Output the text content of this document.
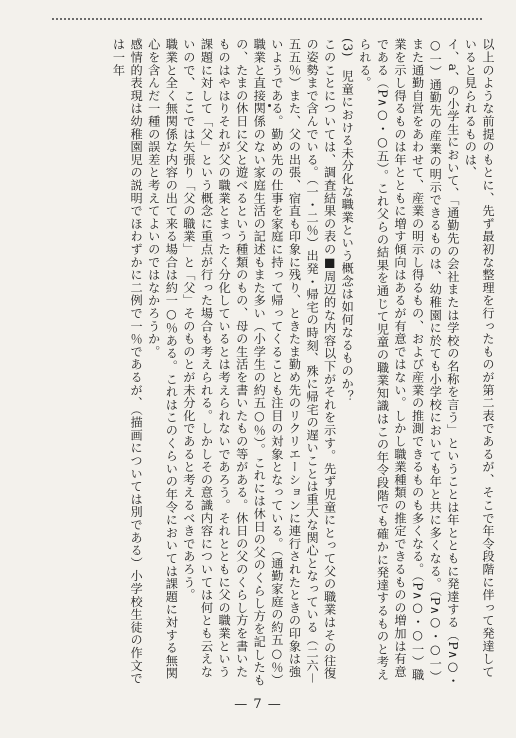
以上のような前提のもとに、先ず最初な整理を行ったものが第二表であるが、そこで年令段階に伴って発達していると見られるものは、

イ、a、の小学生において、「通勤先の会社または学校の名称を言う」ということは年とともに発達する（P∧○・○一）通勤先の産業の明示できるものは、幼稚園に於ても小学校においても年と共に多くなる。（P∧○・○一）また通勤自営をあわせて、産業の明示し得るもの、および産業の推測できるものも多くなる。（P∧○・○一）職業を示し得るものは年とともに増す傾向はあるが有意ではない。しかし職業種類の推定できるものの増加は有意である（P∧○・○五）。これ父らの結果を通じて児童の職業知識はこの年令段階でも確かに発達するものと考えられる。

(3)　児童における未分化な職業という概念は如何なるものか？

このことについては、調査結果の表の■周辺的な内容以下がそれを示す。先ず児童にとって父の職業はその往復の姿勢まで含んでいる。（一・二％）出発・帰宅の時刻、殊に帰宅の遅いことは重大な関心となっている（二六－五五％）また、父の出張、宿直も印象に残り、ときたま勤め先のリクリエーションに連行されたときの印象は強いようである。勤め先の仕事を家庭に持って帰ってくることも注目の対象となっている。（通勤家庭の約五○％）

職業と直接関係のない家庭生活の記述もまた多い（小学生の約五○％）。これには休日の父のくらし方を記したもの、たまの休日に父と遊べるという種類のもの、母の生活を書いたもの等がある。休日の父のくらし方を書いたものはやはりそれが父の職業とまったく分化しているとは考えられないであろう。それとともに父の職業という課題に対して「父」という概念に重点が行った場合も考えられる。しかしその意識内容については何とも云えないので、ここでは矢張り「父の職業」と「父」そのものとが未分化であると考えるべきであろう。

職業と全く無関係な内容の出て来る場合は約一○％ある。これはこのくらいの年令においては課題に対する無関心を含んだ一種の誤差と考えてよいのではなかろうか。

感情的表現は幼稚園児の説明でほわずかに二例で一％であるが、（描画については別である）小学校生徒の作文では一年

— 7 —
